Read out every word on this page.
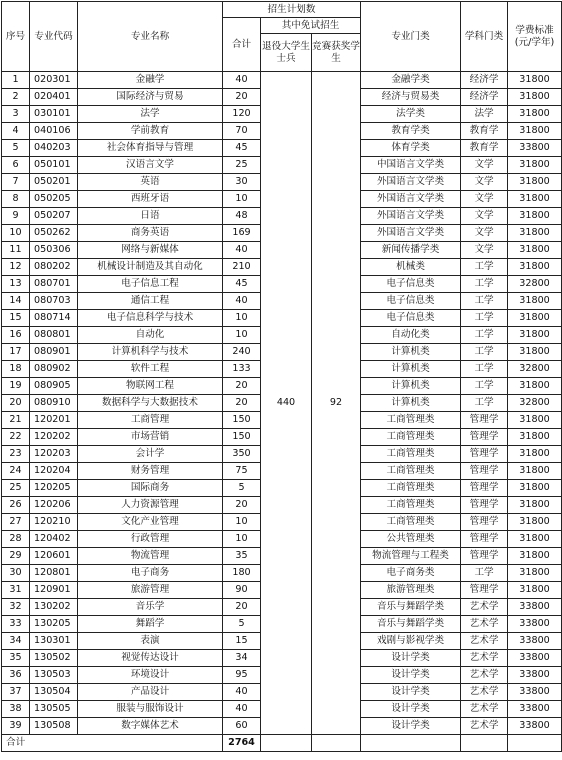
序号	专业代码	专业名称	招生计划数			专业门类	学科门类	学费标准(元/学年)
			合计	其中免试招生				
				退役大学生士兵	竞赛获奖学生			
1	020301	金融学	40	440	92	金融学类	经济学	31800
2	020401	国际经济与贸易	20			经济与贸易类	经济学	31800
3	030101	法学	120			法学类	法学	31800
4	040106	学前教育	70			教育学类	教育学	31800
5	040203	社会体育指导与管理	45			体育学类	教育学	33800
6	050101	汉语言文学	25			中国语言文学类	文学	31800
7	050201	英语	30			外国语言文学类	文学	31800
8	050205	西班牙语	10			外国语言文学类	文学	31800
9	050207	日语	48			外国语言文学类	文学	31800
10	050262	商务英语	169			外国语言文学类	文学	31800
11	050306	网络与新媒体	40			新闻传播学类	文学	31800
12	080202	机械设计制造及其自动化	210			机械类	工学	31800
13	080701	电子信息工程	45			电子信息类	工学	32800
14	080703	通信工程	40			电子信息类	工学	31800
15	080714	电子信息科学与技术	10			电子信息类	工学	31800
16	080801	自动化	10			自动化类	工学	31800
17	080901	计算机科学与技术	240			计算机类	工学	31800
18	080902	软件工程	133			计算机类	工学	32800
19	080905	物联网工程	20			计算机类	工学	31800
20	080910	数据科学与大数据技术	20			计算机类	工学	32800
21	120201	工商管理	150			工商管理类	管理学	31800
22	120202	市场营销	150			工商管理类	管理学	31800
23	120203	会计学	350			工商管理类	管理学	31800
24	120204	财务管理	75			工商管理类	管理学	31800
25	120205	国际商务	5			工商管理类	管理学	31800
26	120206	人力资源管理	20			工商管理类	管理学	31800
27	120210	文化产业管理	10			工商管理类	管理学	31800
28	120402	行政管理	10			公共管理类	管理学	31800
29	120601	物流管理	35			物流管理与工程类	管理学	31800
30	120801	电子商务	180			电子商务类	工学	31800
31	120901	旅游管理	90			旅游管理类	管理学	31800
32	130202	音乐学	20			音乐与舞蹈学类	艺术学	33800
33	130205	舞蹈学	5			音乐与舞蹈学类	艺术学	33800
34	130301	表演	15			戏剧与影视学类	艺术学	33800
35	130502	视觉传达设计	34			设计学类	艺术学	33800
36	130503	环境设计	95			设计学类	艺术学	33800
37	130504	产品设计	40			设计学类	艺术学	33800
38	130505	服装与服饰设计	40			设计学类	艺术学	33800
39	130508	数字媒体艺术	60			设计学类	艺术学	33800
合计			2764					
